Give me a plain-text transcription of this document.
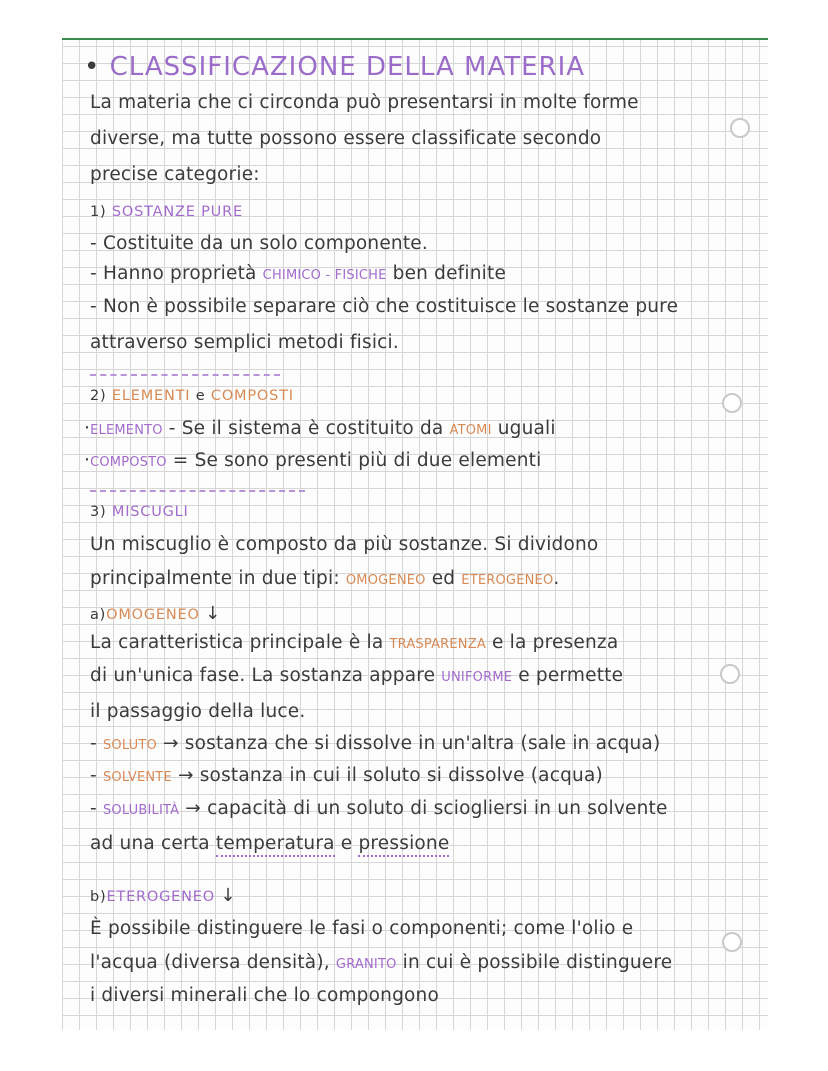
• CLASSIFICAZIONE DELLA MATERIA
La materia che ci circonda può presentarsi in molte forme
diverse, ma tutte possono essere classificate secondo
precise categorie:
1) SOSTANZE PURE
- Costituite da un solo componente.
- Hanno proprietà CHIMICO - FISICHE ben definite
- Non è possibile separare ciò che costituisce le sostanze pure
attraverso semplici metodi fisici.
2) ELEMENTI e COMPOSTI
·ELEMENTO - Se il sistema è costituito da ATOMI uguali
·COMPOSTO = Se sono presenti più di due elementi
3) MISCUGLI
Un miscuglio è composto da più sostanze. Si dividono
principalmente in due tipi: OMOGENEO ed ETEROGENEO.
a)OMOGENEO ↓
La caratteristica principale è la TRASPARENZA e la presenza
di un'unica fase. La sostanza appare UNIFORME e permette
il passaggio della luce.
- SOLUTO → sostanza che si dissolve in un'altra (sale in acqua)
- SOLVENTE → sostanza in cui il soluto si dissolve (acqua)
- SOLUBILITÀ → capacità di un soluto di sciogliersi in un solvente
ad una certa temperatura e pressione
b)ETEROGENEO ↓
È possibile distinguere le fasi o componenti; come l'olio e
l'acqua (diversa densità), GRANITO in cui è possibile distinguere
i diversi minerali che lo compongono
